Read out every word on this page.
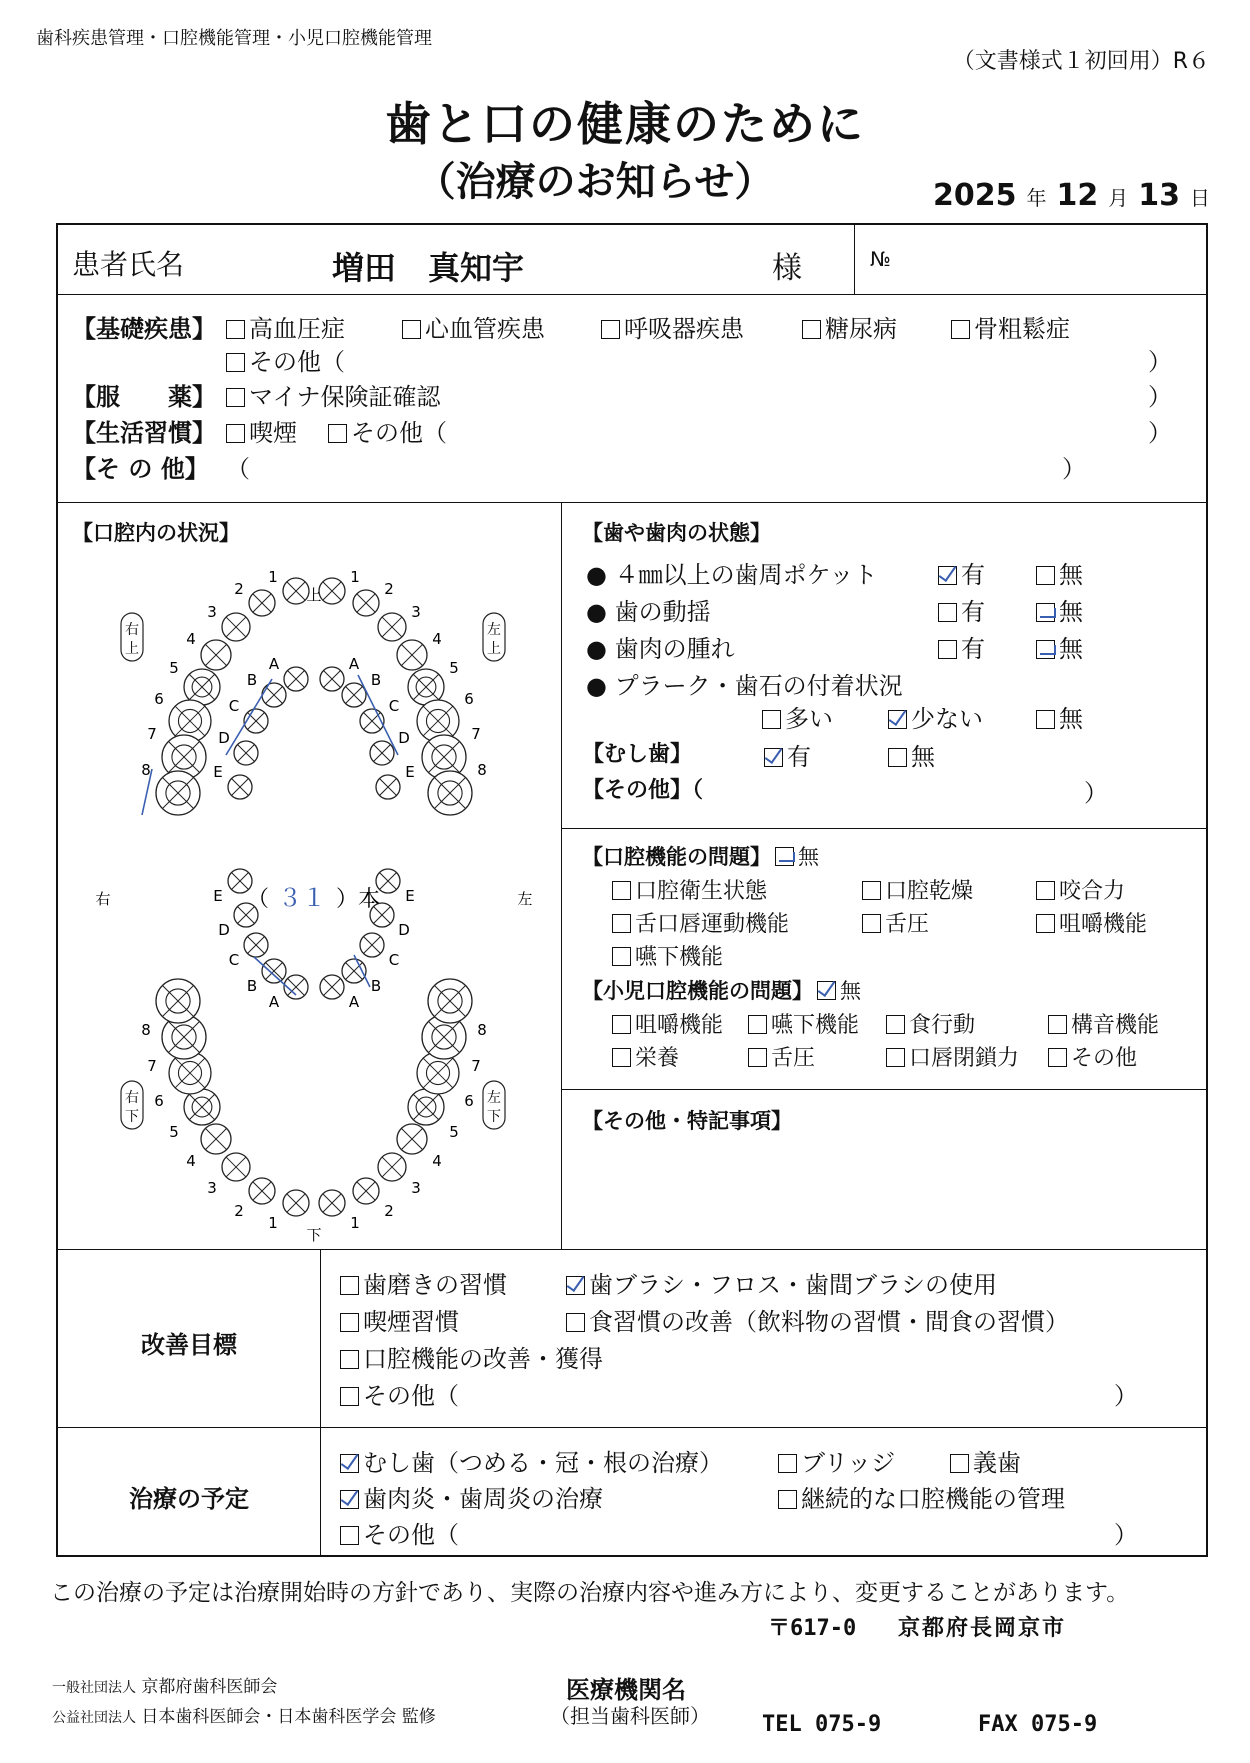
歯科疾患管理・口腔機能管理・小児口腔機能管理
（文書様式１初回用）R６
歯と口の健康のために
（治療のお知らせ）	2025 年 12 月 13 日
患者氏名	増田　真知宇	様	№
【基礎疾患】	高血圧症	心血管疾患	呼吸器疾患	糖尿病	骨粗鬆症
その他（	）
【服　　薬】	マイナ保険証確認	）
【生活習慣】	喫煙	その他（	）
【そ の 他】 （	）
【口腔内の状況】
1	1
2	2
3	3
4	4
5	5
6	6
7	7
8	8
1	1
2	2
3	3
4	4
5	5
6	6
7	7
8	8
A	A
A	A
B	B
B	B
C	C
C	C
D	D
D	D
E	E
E	E
右
上
左
上
右
下
左
下
上
下
右	左
（ ３１ ）本
【歯や歯肉の状態】
● ４㎜以上の歯周ポケット	有	無
● 歯の動揺	有	無
● 歯肉の腫れ	有	無
● プラーク・歯石の付着状況
多い	少ない	無
【むし歯】	有	無
【その他】（	）
【口腔機能の問題】 無
口腔衛生状態	口腔乾燥	咬合力
舌口唇運動機能	舌圧	咀嚼機能
嚥下機能
【小児口腔機能の問題】 無
咀嚼機能	嚥下機能	食行動	構音機能
栄養	舌圧	口唇閉鎖力	その他
【その他・特記事項】
改善目標
歯磨きの習慣	歯ブラシ・フロス・歯間ブラシの使用
喫煙習慣	食習慣の改善（飲料物の習慣・間食の習慣）
口腔機能の改善・獲得
その他（	）
治療の予定
むし歯（つめる・冠・根の治療）	ブリッジ	義歯
歯肉炎・歯周炎の治療	継続的な口腔機能の管理
その他（	）
この治療の予定は治療開始時の方針であり、実際の治療内容や進み方により、変更することがあります。
〒617-0 京都府長岡京市
一般社団法人 京都府歯科医師会
公益社団法人 日本歯科医師会・日本歯科医学会 監修
医療機関名
（担当歯科医師） TEL 075-9	FAX 075-9
